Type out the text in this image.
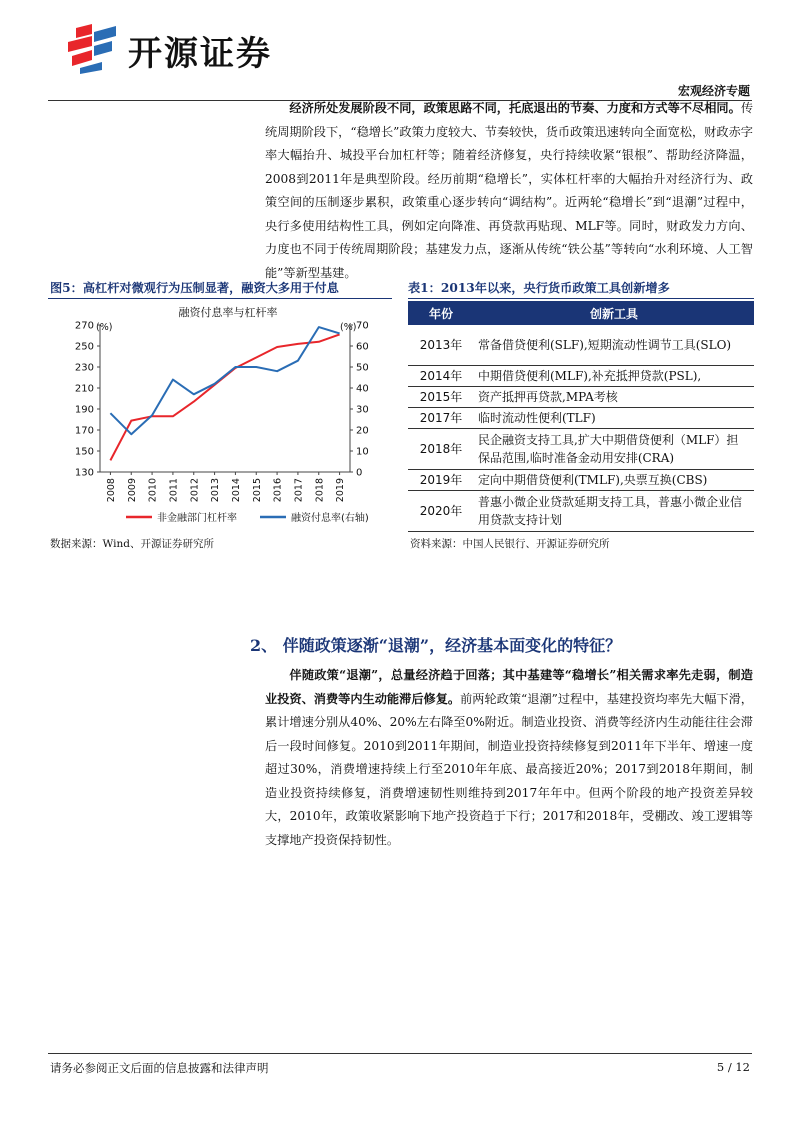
开源证券
宏观经济专题
经济所处发展阶段不同，政策思路不同，托底退出的节奏、力度和方式等不尽相同。传统周期阶段下，“稳增长”政策力度较大、节奏较快，货币政策迅速转向全面宽松，财政赤字率大幅抬升、城投平台加杠杆等；随着经济修复，央行持续收紧“银根”、帮助经济降温，2008到2011年是典型阶段。经历前期“稳增长”，实体杠杆率的大幅抬升对经济行为、政策空间的压制逐步累积，政策重心逐步转向“调结构”。近两轮“稳增长”到“退潮”过程中，央行多使用结构性工具，例如定向降准、再贷款再贴现、MLF等。同时，财政发力方向、力度也不同于传统周期阶段；基建发力点，逐渐从传统“铁公基”等转向“水利环境、人工智能”等新型基建。
图5：高杠杆对微观行为压制显著，融资大多用于付息	表1：2013年以来，央行货币政策工具创新增多
融资付息率与杠杆率
(%)	(%)
130
150
170
190
210
230
250
270
0
10
20
30
40
50
60
70
2008 2009 2010 2011 2012 2013 2014 2015 2016 2017 2018 2019
非金融部门杠杆率	融资付息率(右轴)
年份	创新工具
2013年	常备借贷便利(SLF),短期流动性调节工具(SLO)
2014年	中期借贷便利(MLF),补充抵押贷款(PSL),
2015年	资产抵押再贷款,MPA考核
2017年	临时流动性便利(TLF)
2018年	民企融资支持工具,扩大中期借贷便利（MLF）担保品范围,临时准备金动用安排(CRA)
2019年	定向中期借贷便利(TMLF),央票互换(CBS)
2020年	普惠小微企业贷款延期支持工具，普惠小微企业信用贷款支持计划
数据来源：Wind、开源证券研究所	资料来源：中国人民银行、开源证券研究所
2、 伴随政策逐渐“退潮”，经济基本面变化的特征？
伴随政策“退潮”，总量经济趋于回落；其中基建等“稳增长”相关需求率先走弱，制造业投资、消费等内生动能滞后修复。前两轮政策“退潮”过程中，基建投资均率先大幅下滑，累计增速分别从40%、20%左右降至0%附近。制造业投资、消费等经济内生动能往往会滞后一段时间修复。2010到2011年期间，制造业投资持续修复到2011年下半年、增速一度超过30%，消费增速持续上行至2010年年底、最高接近20%；2017到2018年期间，制造业投资持续修复，消费增速韧性则维持到2017年年中。但两个阶段的地产投资差异较大，2010年，政策收紧影响下地产投资趋于下行；2017和2018年，受棚改、竣工逻辑等支撑地产投资保持韧性。
请务必参阅正文后面的信息披露和法律声明	5 / 12
